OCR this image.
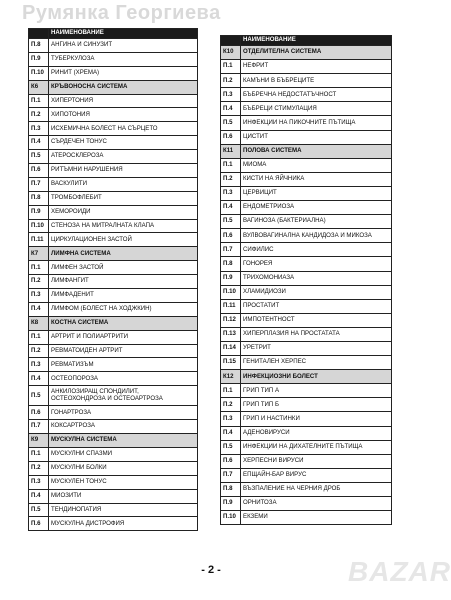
Румянка Георгиева
	НАИМЕНОВАНИЕ
П.8	АНГИНА И СИНУЗИТ
П.9	ТУБЕРКУЛОЗА
П.10	РИНИТ (ХРЕМА)
К6	КРЪВОНОСНА СИСТЕМА
П.1	ХИПЕРТОНИЯ
П.2	ХИПОТОНИЯ
П.3	ИСХЕМИЧНА БОЛЕСТ НА СЪРЦЕТО
П.4	СЪРДЕЧЕН ТОНУС
П.5	АТЕРОСКЛЕРОЗА
П.6	РИТЪМНИ НАРУШЕНИЯ
П.7	ВАСКУЛИТИ
П.8	ТРОМБОФЛЕБИТ
П.9	ХЕМОРОИДИ
П.10	СТЕНОЗА НА МИТРАЛНАТА КЛАПА
П.11	ЦИРКУЛАЦИОНЕН ЗАСТОЙ
К7	ЛИМФНА СИСТЕМА
П.1	ЛИМФЕН ЗАСТОЙ
П.2	ЛИМФАНГИТ
П.3	ЛИМФАДЕНИТ
П.4	ЛИМФОМ (БОЛЕСТ НА ХОДЖКИН)
К8	КОСТНА СИСТЕМА
П.1	АРТРИТ И ПОЛИАРТРИТИ
П.2	РЕВМАТОИДЕН АРТРИТ
П.3	РЕВМАТИЗЪМ
П.4	ОСТЕОПОРОЗА
П.5	АНКИЛОЗИРАЩ СПОНДИЛИТ, ОСТЕОХОНДРОЗА И ОСТЕОАРТРОЗА
П.6	ГОНАРТРОЗА
П.7	КОКСАРТРОЗА
К9	МУСКУЛНА СИСТЕМА
П.1	МУСКУЛНИ СПАЗМИ
П.2	МУСКУЛНИ БОЛКИ
П.3	МУСКУЛЕН ТОНУС
П.4	МИОЗИТИ
П.5	ТЕНДИНОПАТИЯ
П.6	МУСКУЛНА ДИСТРОФИЯ
	НАИМЕНОВАНИЕ
К10	ОТДЕЛИТЕЛНА СИСТЕМА
П.1	НЕФРИТ
П.2	КАМЪНИ В БЪБРЕЦИТЕ
П.3	БЪБРЕЧНА НЕДОСТАТЪЧНОСТ
П.4	БЪБРЕЦИ СТИМУЛАЦИЯ
П.5	ИНФЕКЦИИ НА ПИКОЧНИТЕ ПЪТИЩА
П.6	ЦИСТИТ
К11	ПОЛОВА СИСТЕМА
П.1	МИОМА
П.2	КИСТИ НА ЯЙЧНИКА
П.3	ЦЕРВИЦИТ
П.4	ЕНДОМЕТРИОЗА
П.5	ВАГИНОЗА (БАКТЕРИАЛНА)
П.6	ВУЛВОВАГИНАЛНА КАНДИДОЗА И МИКОЗА
П.7	СИФИЛИС
П.8	ГОНОРЕЯ
П.9	ТРИХОМОНИАЗА
П.10	ХЛАМИДИОЗИ
П.11	ПРОСТАТИТ
П.12	ИМПОТЕНТНОСТ
П.13	ХИПЕРПЛАЗИЯ НА ПРОСТАТАТА
П.14	УРЕТРИТ
П.15	ГЕНИТАЛЕН ХЕРПЕС
К12	ИНФЕКЦИОЗНИ БОЛЕСТ
П.1	ГРИП ТИП А
П.2	ГРИП ТИП Б
П.3	ГРИП И НАСТИНКИ
П.4	АДЕНОВИРУСИ
П.5	ИНФЕКЦИИ НА ДИХАТЕЛНИТЕ ПЪТИЩА
П.6	ХЕРПЕСНИ ВИРУСИ
П.7	ЕПЩАЙН-БАР ВИРУС
П.8	ВЪЗПАЛЕНИЕ НА ЧЕРНИЯ ДРОБ
П.9	ОРНИТОЗА
П.10	ЕКЗЕМИ
- 2 -	BAZAR
